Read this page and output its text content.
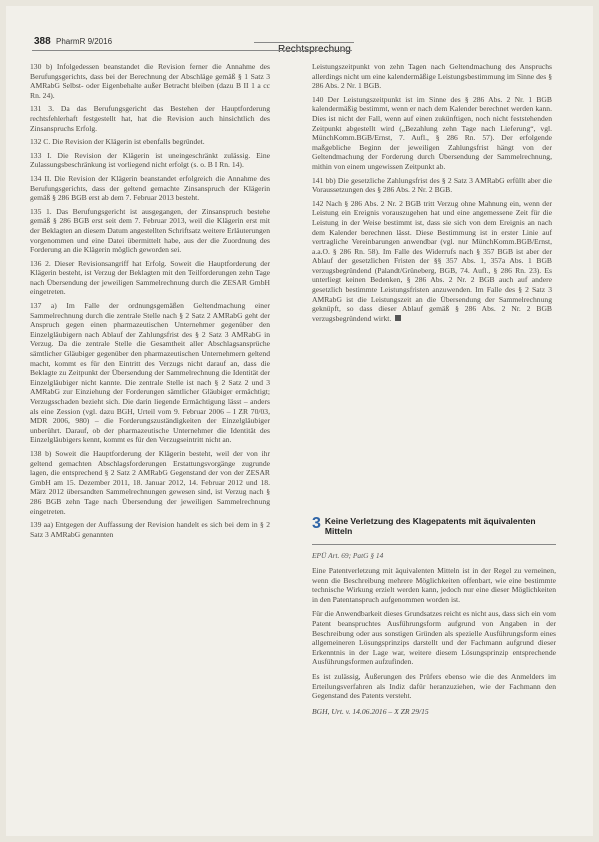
388 PharmR 9/2016

130 b) Infolgedessen beanstandet die Revision ferner die Annahme des Berufungsgerichts, dass bei der Berechnung der Abschläge gemäß § 1 Satz 3 AMRabG Selbst- oder Eigenbehalte außer Betracht bleiben (dazu B II 1 a cc Rn. 24).

131 3. Da das Berufungsgericht das Bestehen der Hauptforderung rechtsfehlerhaft festgestellt hat, hat die Revision auch hinsichtlich des Zinsanspruchs Erfolg.

132 C. Die Revision der Klägerin ist ebenfalls begründet.

133 I. Die Revision der Klägerin ist uneingeschränkt zulässig. Eine Zulassungsbeschränkung ist vorliegend nicht erfolgt (s. o. B I Rn. 14).

134 II. Die Revision der Klägerin beanstandet erfolgreich die Annahme des Berufungsgerichts, dass der geltend gemachte Zinsanspruch der Klägerin gemäß § 286 BGB erst ab dem 7. Februar 2013 besteht.

135 1. Das Berufungsgericht ist ausgegangen, der Zinsanspruch bestehe gemäß § 286 BGB erst seit dem 7. Februar 2013, weil die Klägerin erst mit der Beklagten an diesem Datum angestellten Schriftsatz weitere Erläuterungen vorgenommen und eine Datei übermittelt habe, aus der die Zuordnung des Forderung an die Klägerin möglich geworden sei.

136 2. Dieser Revisionsangriff hat Erfolg. Soweit die Hauptforderung der Klägerin besteht, ist Verzug der Beklagten mit den Teilforderungen zehn Tage nach Übersendung der jeweiligen Sammelrechnung durch die ZESAR GmbH eingetreten.

137 a) Im Falle der ordnungsgemäßen Geltendmachung einer Sammelrechnung durch die zentrale Stelle nach § 2 Satz 2 AMRabG geht der Anspruch gegen einen pharmazeutischen Unternehmer gegenüber den Einzelgläubigern nach Ablauf der Zahlungsfrist des § 2 Satz 3 AMRabG in Verzug. Da die zentrale Stelle die Gesamtheit aller Abschlagsansprüche sämtlicher Gläubiger gegenüber den pharmazeutischen Unternehmern geltend macht, kommt es für den Eintritt des Verzugs nicht darauf an, dass die Beklagte zu Zeitpunkt der Übersendung der Sammelrechnung die Identität der Einzelgläubiger nicht kannte. Die zentrale Stelle ist nach § 2 Satz 2 und 3 AMRabG zur Einziehung der Forderungen sämtlicher Gläubiger ermächtigt; Verzugsschaden bezieht sich. Die darin liegende Ermächtigung lässt – anders als eine Zession (vgl. dazu BGH, Urteil vom 9. Februar 2006 – I ZR 70/03, MDR 2006, 980) – die Forderungszuständigkeiten der Einzelgläubiger unberührt. Darauf, ob der pharmazeutische Unternehmer die Identität des Einzelgläubigers kennt, kommt es für den Verzugseintritt nicht an.

138 b) Soweit die Hauptforderung der Klägerin besteht, weil der von ihr geltend gemachten Abschlagsforderungen Erstattungsvorgänge zugrunde lagen, die entsprechend § 2 Satz 2 AMRabG Gegenstand der von der ZESAR GmbH am 15. Dezember 2011, 18. Januar 2012, 14. Februar 2012 und 18. März 2012 übersandten Sammelrechnungen gewesen sind, ist Verzug nach § 286 BGB zehn Tage nach Übersendung der jeweiligen Sammelrechnung eingetreten.

139 aa) Entgegen der Auffassung der Revision handelt es sich bei dem in § 2 Satz 3 AMRabG genannten

Leistungszeitpunkt von zehn Tagen nach Geltendmachung des Anspruchs allerdings nicht um eine kalendermäßige Leistungsbestimmung im Sinne des § 286 Abs. 2 Nr. 1 BGB.

140 Der Leistungszeitpunkt ist im Sinne des § 286 Abs. 2 Nr. 1 BGB kalendermäßig bestimmt, wenn er nach dem Kalender berechnet werden kann. Dies ist nicht der Fall, wenn auf einen zukünftigen, noch nicht feststehenden Zeitpunkt abgestellt wird („Bezahlung zehn Tage nach Lieferung“, vgl. MünchKomm.BGB/Ernst, 7. Aufl., § 286 Rn. 57). Der erfolgende maßgebliche Beginn der jeweiligen Zahlungsfrist hängt von der Geltendmachung der Forderung durch Übersendung der Sammelrechnung, mithin von einem ungewissen Zeitpunkt ab.

141 bb) Die gesetzliche Zahlungsfrist des § 2 Satz 3 AMRabG erfüllt aber die Voraussetzungen des § 286 Abs. 2 Nr. 2 BGB.

142 Nach § 286 Abs. 2 Nr. 2 BGB tritt Verzug ohne Mahnung ein, wenn der Leistung ein Ereignis vorauszugehen hat und eine angemessene Zeit für die Leistung in der Weise bestimmt ist, dass sie sich von dem Ereignis an nach dem Kalender berechnen lässt. Diese Bestimmung ist in erster Linie auf vertragliche Vereinbarungen anwendbar (vgl. nur MünchKomm.BGB/Ernst, a.a.O. § 286 Rn. 58). Im Falle des Widerrufs nach § 357 BGB ist aber der Ablauf der gesetzlichen Fristen der §§ 357 Abs. 1, 357a Abs. 1 BGB verzugsbegründend (Palandt/Grüneberg, BGB, 74. Aufl., § 286 Rn. 23). Es unterliegt keinen Bedenken, § 286 Abs. 2 Nr. 2 BGB auch auf andere gesetzlich bestimmte Leistungsfristen anzuwenden. Im Falle des § 2 Satz 3 AMRabG ist die Leistungszeit an die Übersendung der Sammelrechnung geknüpft, so dass dieser Ablauf gemäß § 286 Abs. 2 Nr. 2 BGB verzugsbegründend wirkt.

3 Keine Verletzung des Klagepatents mit äquivalenten Mitteln
EPÜ Art. 69; PatG § 14

Eine Patentverletzung mit äquivalenten Mitteln ist in der Regel zu verneinen, wenn die Beschreibung mehrere Möglichkeiten offenbart, wie eine bestimmte technische Wirkung erzielt werden kann, jedoch nur eine dieser Möglichkeiten in den Patentanspruch aufgenommen worden ist.

Für die Anwendbarkeit dieses Grundsatzes reicht es nicht aus, dass sich ein vom Patent beanspruchtes Ausführungsform aufgrund von Angaben in der Beschreibung oder aus sonstigen Gründen als spezielle Ausführungsform eines allgemeineren Lösungsprinzips darstellt und der Fachmann aufgrund dieser Erkenntnis in der Lage war, weitere diesem Lösungsprinzip entsprechende Ausführungsformen aufzufinden.

Es ist zulässig, Äußerungen des Prüfers ebenso wie die des Anmelders im Erteilungsverfahren als Indiz dafür heranzuziehen, wie der Fachmann den Gegenstand des Patents versteht.

BGH, Urt. v. 14.06.2016 – X ZR 29/15
